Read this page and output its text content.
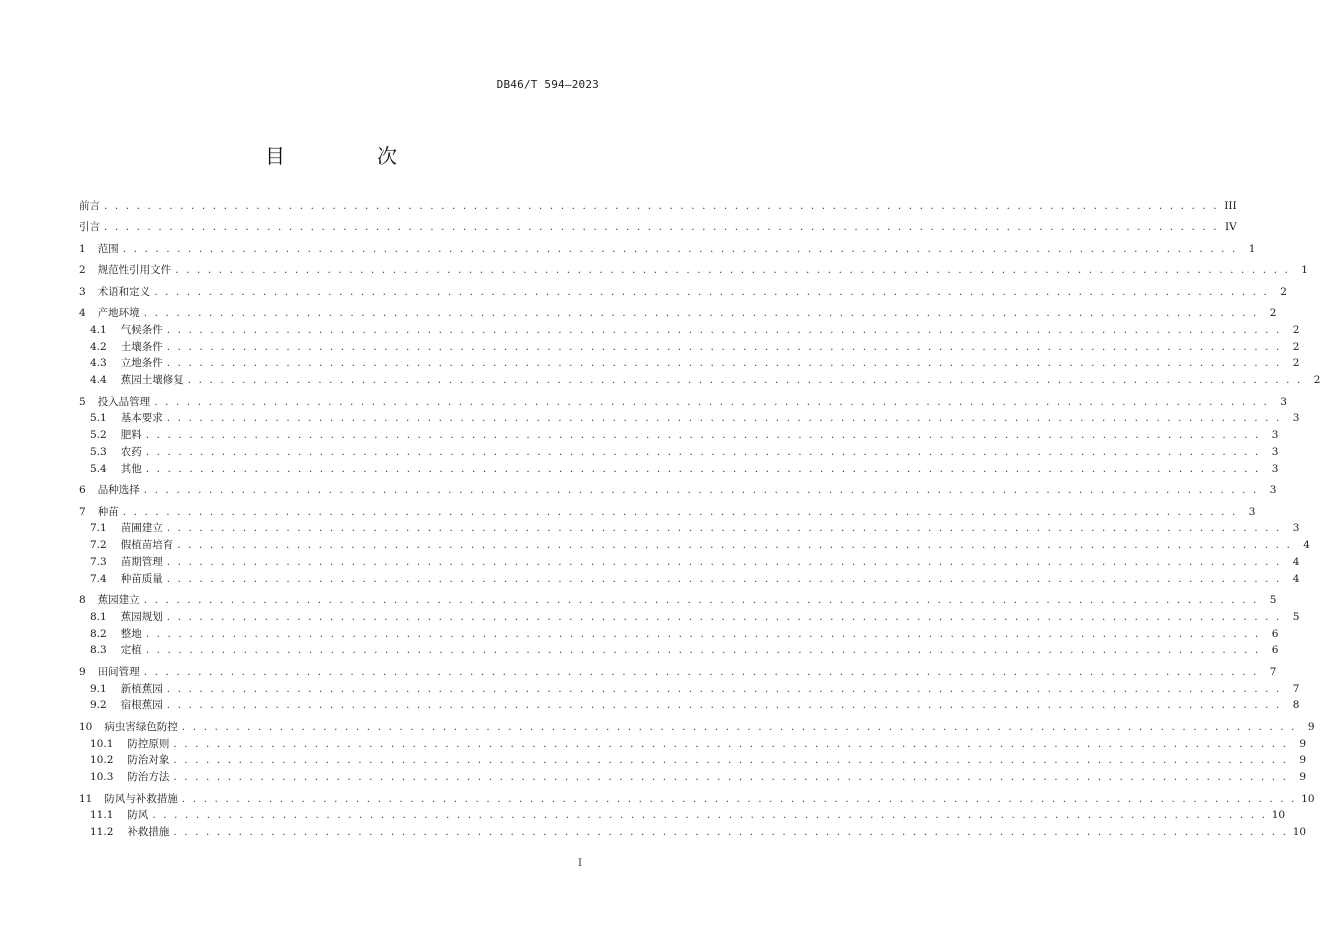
DB46/T 594—2023
目　次
前言 . . . . . . . . . . . . . . . . . . . . . . . . . . . . . . . . . . . . . . . . . . . . . . . . . . . . . . . . . . . . . . . . . . . . . . . . . . . . . . . . . . . . . . . . . . . . . . . . . . . . . . . III
引言 . . . . . . . . . . . . . . . . . . . . . . . . . . . . . . . . . . . . . . . . . . . . . . . . . . . . . . . . . . . . . . . . . . . . . . . . . . . . . . . . . . . . . . . . . . . . . . . . . . . . . . . IV
1 范围 . . . . . . . . . . . . . . . . . . . . . . . . . . . . . . . . . . . . . . . . . . . . . . . . . . . . . . . . . . . . . . . . . . . . . . . . . . . . . . . . . . . . . . . . . . . . . . . . . . . . . . .	1
2 规范性引用文件 . . . . . . . . . . . . . . . . . . . . . . . . . . . . . . . . . . . . . . . . . . . . . . . . . . . . . . . . . . . . . . . . . . . . . . . . . . . . . . . . . . . . . . . . . . . . . . . . . . . . . . .	1
3 术语和定义 . . . . . . . . . . . . . . . . . . . . . . . . . . . . . . . . . . . . . . . . . . . . . . . . . . . . . . . . . . . . . . . . . . . . . . . . . . . . . . . . . . . . . . . . . . . . . . . . . . . . . . .	2
4 产地环境 . . . . . . . . . . . . . . . . . . . . . . . . . . . . . . . . . . . . . . . . . . . . . . . . . . . . . . . . . . . . . . . . . . . . . . . . . . . . . . . . . . . . . . . . . . . . . . . . . . . . . . .	2
4.1 气候条件 . . . . . . . . . . . . . . . . . . . . . . . . . . . . . . . . . . . . . . . . . . . . . . . . . . . . . . . . . . . . . . . . . . . . . . . . . . . . . . . . . . . . . . . . . . . . . . . . . . . . . . .	2
4.2 土壤条件 . . . . . . . . . . . . . . . . . . . . . . . . . . . . . . . . . . . . . . . . . . . . . . . . . . . . . . . . . . . . . . . . . . . . . . . . . . . . . . . . . . . . . . . . . . . . . . . . . . . . . . .	2
4.3 立地条件 . . . . . . . . . . . . . . . . . . . . . . . . . . . . . . . . . . . . . . . . . . . . . . . . . . . . . . . . . . . . . . . . . . . . . . . . . . . . . . . . . . . . . . . . . . . . . . . . . . . . . . .	2
4.4 蕉园土壤修复 . . . . . . . . . . . . . . . . . . . . . . . . . . . . . . . . . . . . . . . . . . . . . . . . . . . . . . . . . . . . . . . . . . . . . . . . . . . . . . . . . . . . . . . . . . . . . . . . . . . . . . .	2
5 投入品管理 . . . . . . . . . . . . . . . . . . . . . . . . . . . . . . . . . . . . . . . . . . . . . . . . . . . . . . . . . . . . . . . . . . . . . . . . . . . . . . . . . . . . . . . . . . . . . . . . . . . . . . .	3
5.1 基本要求 . . . . . . . . . . . . . . . . . . . . . . . . . . . . . . . . . . . . . . . . . . . . . . . . . . . . . . . . . . . . . . . . . . . . . . . . . . . . . . . . . . . . . . . . . . . . . . . . . . . . . . .	3
5.2 肥料 . . . . . . . . . . . . . . . . . . . . . . . . . . . . . . . . . . . . . . . . . . . . . . . . . . . . . . . . . . . . . . . . . . . . . . . . . . . . . . . . . . . . . . . . . . . . . . . . . . . . . . .	3
5.3 农药 . . . . . . . . . . . . . . . . . . . . . . . . . . . . . . . . . . . . . . . . . . . . . . . . . . . . . . . . . . . . . . . . . . . . . . . . . . . . . . . . . . . . . . . . . . . . . . . . . . . . . . .	3
5.4 其他 . . . . . . . . . . . . . . . . . . . . . . . . . . . . . . . . . . . . . . . . . . . . . . . . . . . . . . . . . . . . . . . . . . . . . . . . . . . . . . . . . . . . . . . . . . . . . . . . . . . . . . .	3
6 品种选择 . . . . . . . . . . . . . . . . . . . . . . . . . . . . . . . . . . . . . . . . . . . . . . . . . . . . . . . . . . . . . . . . . . . . . . . . . . . . . . . . . . . . . . . . . . . . . . . . . . . . . . .	3
7 种苗 . . . . . . . . . . . . . . . . . . . . . . . . . . . . . . . . . . . . . . . . . . . . . . . . . . . . . . . . . . . . . . . . . . . . . . . . . . . . . . . . . . . . . . . . . . . . . . . . . . . . . . .	3
7.1 苗圃建立 . . . . . . . . . . . . . . . . . . . . . . . . . . . . . . . . . . . . . . . . . . . . . . . . . . . . . . . . . . . . . . . . . . . . . . . . . . . . . . . . . . . . . . . . . . . . . . . . . . . . . . .	3
7.2 假植苗培育 . . . . . . . . . . . . . . . . . . . . . . . . . . . . . . . . . . . . . . . . . . . . . . . . . . . . . . . . . . . . . . . . . . . . . . . . . . . . . . . . . . . . . . . . . . . . . . . . . . . . . . .	4
7.3 苗期管理 . . . . . . . . . . . . . . . . . . . . . . . . . . . . . . . . . . . . . . . . . . . . . . . . . . . . . . . . . . . . . . . . . . . . . . . . . . . . . . . . . . . . . . . . . . . . . . . . . . . . . . .	4
7.4 种苗质量 . . . . . . . . . . . . . . . . . . . . . . . . . . . . . . . . . . . . . . . . . . . . . . . . . . . . . . . . . . . . . . . . . . . . . . . . . . . . . . . . . . . . . . . . . . . . . . . . . . . . . . .	4
8 蕉园建立 . . . . . . . . . . . . . . . . . . . . . . . . . . . . . . . . . . . . . . . . . . . . . . . . . . . . . . . . . . . . . . . . . . . . . . . . . . . . . . . . . . . . . . . . . . . . . . . . . . . . . . .	5
8.1 蕉园规划 . . . . . . . . . . . . . . . . . . . . . . . . . . . . . . . . . . . . . . . . . . . . . . . . . . . . . . . . . . . . . . . . . . . . . . . . . . . . . . . . . . . . . . . . . . . . . . . . . . . . . . .	5
8.2 整地 . . . . . . . . . . . . . . . . . . . . . . . . . . . . . . . . . . . . . . . . . . . . . . . . . . . . . . . . . . . . . . . . . . . . . . . . . . . . . . . . . . . . . . . . . . . . . . . . . . . . . . .	6
8.3 定植 . . . . . . . . . . . . . . . . . . . . . . . . . . . . . . . . . . . . . . . . . . . . . . . . . . . . . . . . . . . . . . . . . . . . . . . . . . . . . . . . . . . . . . . . . . . . . . . . . . . . . . .	6
9 田间管理 . . . . . . . . . . . . . . . . . . . . . . . . . . . . . . . . . . . . . . . . . . . . . . . . . . . . . . . . . . . . . . . . . . . . . . . . . . . . . . . . . . . . . . . . . . . . . . . . . . . . . . .	7
9.1 新植蕉园 . . . . . . . . . . . . . . . . . . . . . . . . . . . . . . . . . . . . . . . . . . . . . . . . . . . . . . . . . . . . . . . . . . . . . . . . . . . . . . . . . . . . . . . . . . . . . . . . . . . . . . .	7
9.2 宿根蕉园 . . . . . . . . . . . . . . . . . . . . . . . . . . . . . . . . . . . . . . . . . . . . . . . . . . . . . . . . . . . . . . . . . . . . . . . . . . . . . . . . . . . . . . . . . . . . . . . . . . . . . . .	8
10 病虫害绿色防控 . . . . . . . . . . . . . . . . . . . . . . . . . . . . . . . . . . . . . . . . . . . . . . . . . . . . . . . . . . . . . . . . . . . . . . . . . . . . . . . . . . . . . . . . . . . . . . . . . . . . . . .	9
10.1 防控原则 . . . . . . . . . . . . . . . . . . . . . . . . . . . . . . . . . . . . . . . . . . . . . . . . . . . . . . . . . . . . . . . . . . . . . . . . . . . . . . . . . . . . . . . . . . . . . . . . . . . . . . .	9
10.2 防治对象 . . . . . . . . . . . . . . . . . . . . . . . . . . . . . . . . . . . . . . . . . . . . . . . . . . . . . . . . . . . . . . . . . . . . . . . . . . . . . . . . . . . . . . . . . . . . . . . . . . . . . . .	9
10.3 防治方法 . . . . . . . . . . . . . . . . . . . . . . . . . . . . . . . . . . . . . . . . . . . . . . . . . . . . . . . . . . . . . . . . . . . . . . . . . . . . . . . . . . . . . . . . . . . . . . . . . . . . . . .	9
11 防风与补救措施 . . . . . . . . . . . . . . . . . . . . . . . . . . . . . . . . . . . . . . . . . . . . . . . . . . . . . . . . . . . . . . . . . . . . . . . . . . . . . . . . . . . . . . . . . . . . . . . . . . . . . . . 10
11.1 防风 . . . . . . . . . . . . . . . . . . . . . . . . . . . . . . . . . . . . . . . . . . . . . . . . . . . . . . . . . . . . . . . . . . . . . . . . . . . . . . . . . . . . . . . . . . . . . . . . . . . . . . . 10
11.2 补救措施 . . . . . . . . . . . . . . . . . . . . . . . . . . . . . . . . . . . . . . . . . . . . . . . . . . . . . . . . . . . . . . . . . . . . . . . . . . . . . . . . . . . . . . . . . . . . . . . . . . . . . . . 10
I
